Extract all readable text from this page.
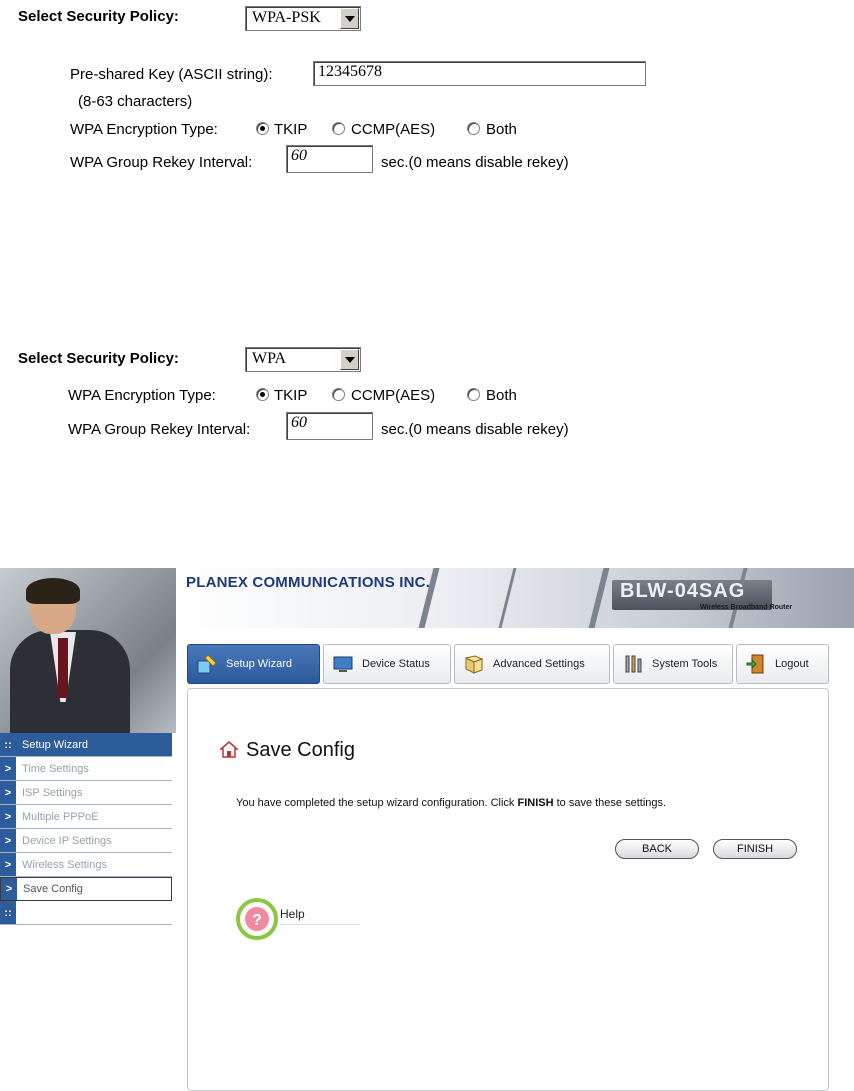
Select Security Policy:	WPA-PSK
Pre-shared Key (ASCII string):	12345678
(8-63 characters)
WPA Encryption Type:	TKIP	CCMP(AES)	Both
WPA Group Rekey Interval:	60	sec.(0 means disable rekey)
Select Security Policy:	WPA
WPA Encryption Type:	TKIP	CCMP(AES)	Both
WPA Group Rekey Interval:	60	sec.(0 means disable rekey)
PLANEX COMMUNICATIONS INC.	BLW-04SAG
Wireless Broadband Router
Setup Wizard	Device Status	Advanced Settings	System Tools	Logout
:: Setup Wizard
> Time Settings
> ISP Settings
> Multiple PPPoE
> Device IP Settings
> Wireless Settings
> Save Config
::
Save Config
You have completed the setup wizard configuration. Click FINISH to save these settings.
BACK	FINISH
? Help
